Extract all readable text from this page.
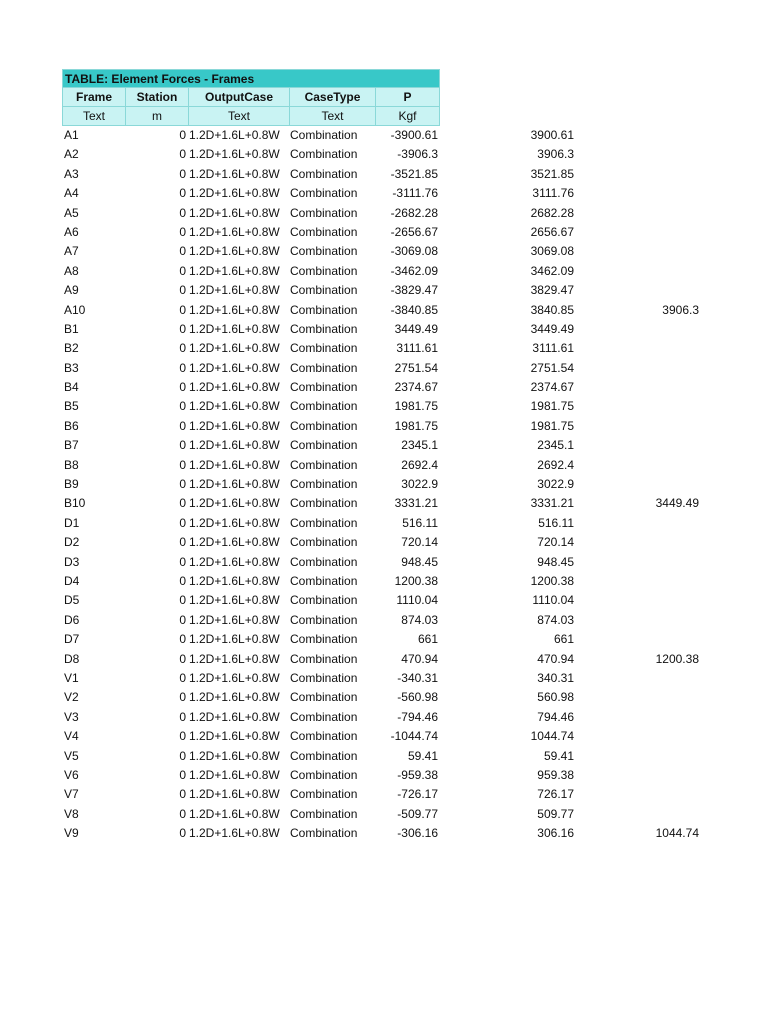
TABLE: Element Forces - Frames
Frame	Station	OutputCase	CaseType	P
Text	m	Text	Text	Kgf
A1	0 1.2D+1.6L+0.8W Combination	-3900.61	3900.61
A2	0 1.2D+1.6L+0.8W Combination	-3906.3	3906.3
A3	0 1.2D+1.6L+0.8W Combination	-3521.85	3521.85
A4	0 1.2D+1.6L+0.8W Combination	-3111.76	3111.76
A5	0 1.2D+1.6L+0.8W Combination	-2682.28	2682.28
A6	0 1.2D+1.6L+0.8W Combination	-2656.67	2656.67
A7	0 1.2D+1.6L+0.8W Combination	-3069.08	3069.08
A8	0 1.2D+1.6L+0.8W Combination	-3462.09	3462.09
A9	0 1.2D+1.6L+0.8W Combination	-3829.47	3829.47
A10	0 1.2D+1.6L+0.8W Combination	-3840.85	3840.85	3906.3
B1	0 1.2D+1.6L+0.8W Combination	3449.49	3449.49
B2	0 1.2D+1.6L+0.8W Combination	3111.61	3111.61
B3	0 1.2D+1.6L+0.8W Combination	2751.54	2751.54
B4	0 1.2D+1.6L+0.8W Combination	2374.67	2374.67
B5	0 1.2D+1.6L+0.8W Combination	1981.75	1981.75
B6	0 1.2D+1.6L+0.8W Combination	1981.75	1981.75
B7	0 1.2D+1.6L+0.8W Combination	2345.1	2345.1
B8	0 1.2D+1.6L+0.8W Combination	2692.4	2692.4
B9	0 1.2D+1.6L+0.8W Combination	3022.9	3022.9
B10	0 1.2D+1.6L+0.8W Combination	3331.21	3331.21	3449.49
D1	0 1.2D+1.6L+0.8W Combination	516.11	516.11
D2	0 1.2D+1.6L+0.8W Combination	720.14	720.14
D3	0 1.2D+1.6L+0.8W Combination	948.45	948.45
D4	0 1.2D+1.6L+0.8W Combination	1200.38	1200.38
D5	0 1.2D+1.6L+0.8W Combination	1110.04	1110.04
D6	0 1.2D+1.6L+0.8W Combination	874.03	874.03
D7	0 1.2D+1.6L+0.8W Combination	661	661
D8	0 1.2D+1.6L+0.8W Combination	470.94	470.94	1200.38
V1	0 1.2D+1.6L+0.8W Combination	-340.31	340.31
V2	0 1.2D+1.6L+0.8W Combination	-560.98	560.98
V3	0 1.2D+1.6L+0.8W Combination	-794.46	794.46
V4	0 1.2D+1.6L+0.8W Combination	-1044.74	1044.74
V5	0 1.2D+1.6L+0.8W Combination	59.41	59.41
V6	0 1.2D+1.6L+0.8W Combination	-959.38	959.38
V7	0 1.2D+1.6L+0.8W Combination	-726.17	726.17
V8	0 1.2D+1.6L+0.8W Combination	-509.77	509.77
V9	0 1.2D+1.6L+0.8W Combination	-306.16	306.16	1044.74
